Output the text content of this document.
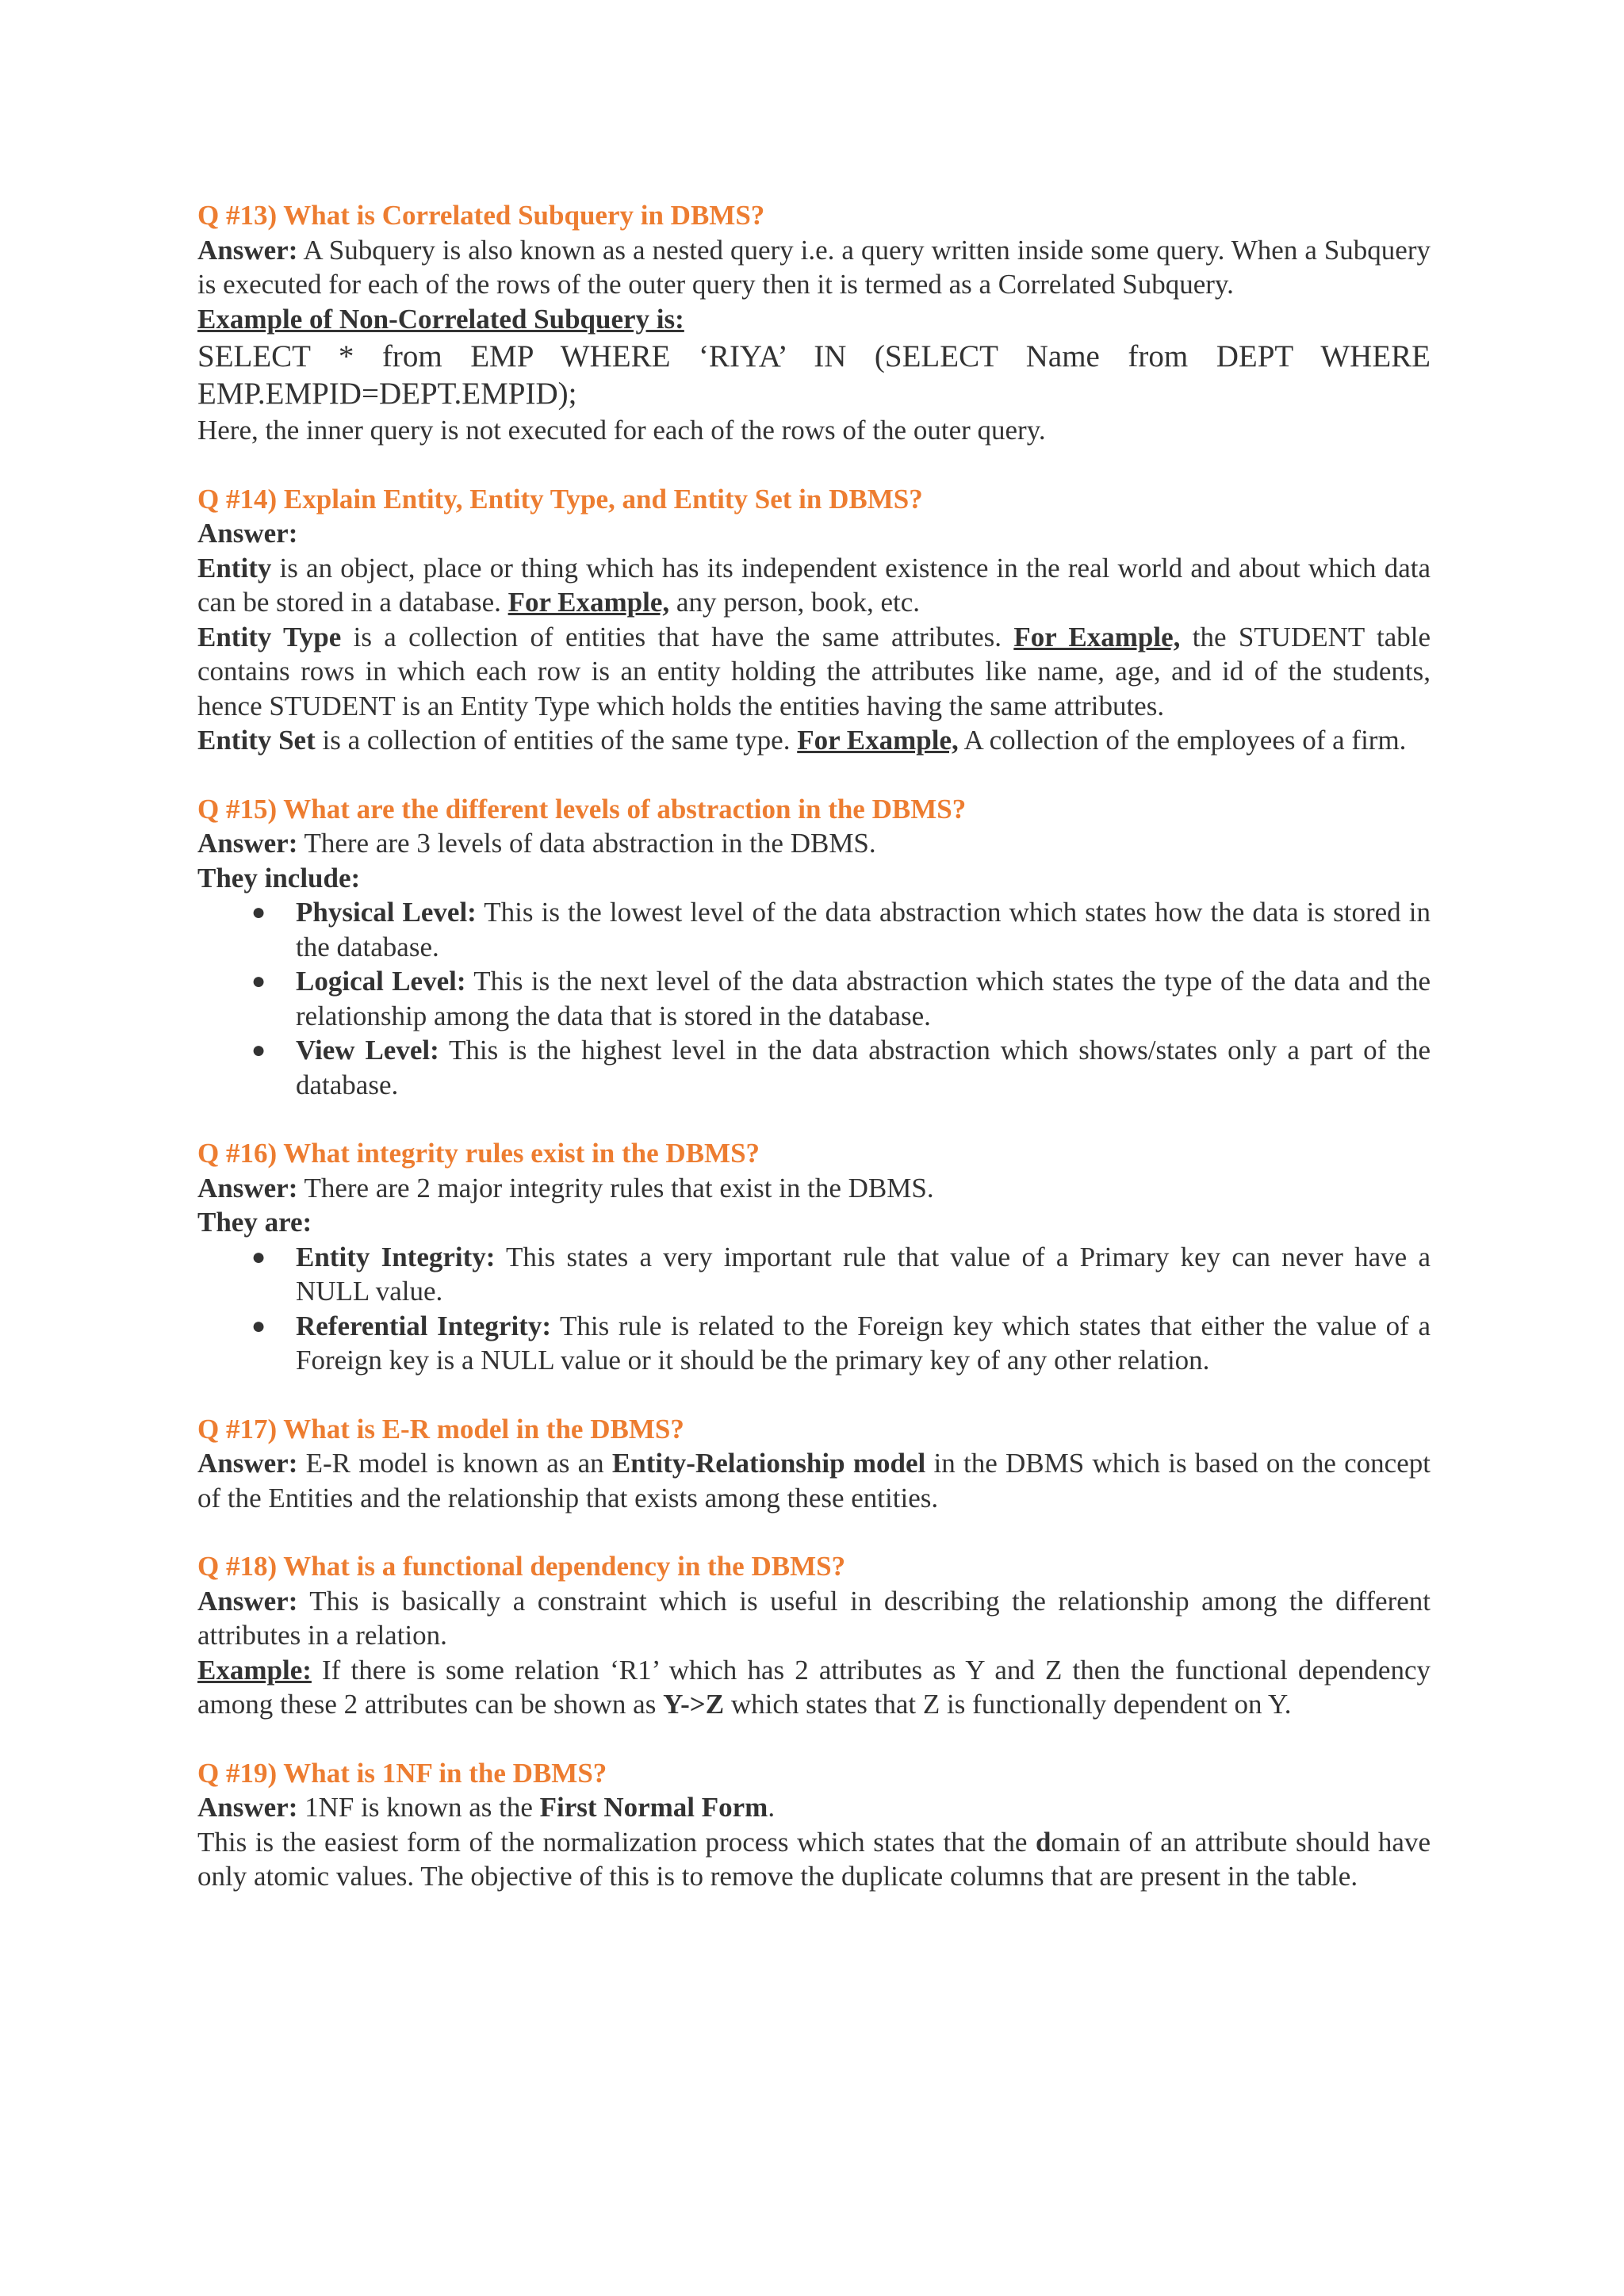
Q #13) What is Correlated Subquery in DBMS?

Answer: A Subquery is also known as a nested query i.e. a query written inside some query. When a Subquery is executed for each of the rows of the outer query then it is termed as a Correlated Subquery.

Example of Non-Correlated Subquery is:

SELECT * from EMP WHERE ‘RIYA’ IN (SELECT Name from DEPT WHERE

EMP.EMPID=DEPT.EMPID);

Here, the inner query is not executed for each of the rows of the outer query.

Q #14) Explain Entity, Entity Type, and Entity Set in DBMS?

Answer:

Entity is an object, place or thing which has its independent existence in the real world and about which data can be stored in a database. For Example, any person, book, etc.

Entity Type is a collection of entities that have the same attributes. For Example, the STUDENT table contains rows in which each row is an entity holding the attributes like name, age, and id of the students, hence STUDENT is an Entity Type which holds the entities having the same attributes.

Entity Set is a collection of entities of the same type. For Example, A collection of the employees of a firm.

Q #15) What are the different levels of abstraction in the DBMS?

Answer: There are 3 levels of data abstraction in the DBMS.

They include:

● Physical Level: This is the lowest level of the data abstraction which states how the data is stored in the database.
● Logical Level: This is the next level of the data abstraction which states the type of the data and the relationship among the data that is stored in the database.
● View Level: This is the highest level in the data abstraction which shows/states only a part of the database.

Q #16) What integrity rules exist in the DBMS?

Answer: There are 2 major integrity rules that exist in the DBMS.

They are:

● Entity Integrity: This states a very important rule that value of a Primary key can never have a NULL value.
● Referential Integrity: This rule is related to the Foreign key which states that either the value of a Foreign key is a NULL value or it should be the primary key of any other relation.

Q #17) What is E-R model in the DBMS?

Answer: E-R model is known as an Entity-Relationship model in the DBMS which is based on the concept of the Entities and the relationship that exists among these entities.

Q #18) What is a functional dependency in the DBMS?

Answer: This is basically a constraint which is useful in describing the relationship among the different attributes in a relation.

Example: If there is some relation ‘R1’ which has 2 attributes as Y and Z then the functional dependency among these 2 attributes can be shown as Y->Z which states that Z is functionally dependent on Y.

Q #19) What is 1NF in the DBMS?

Answer: 1NF is known as the First Normal Form.

This is the easiest form of the normalization process which states that the domain of an attribute should have only atomic values. The objective of this is to remove the duplicate columns that are present in the table.
